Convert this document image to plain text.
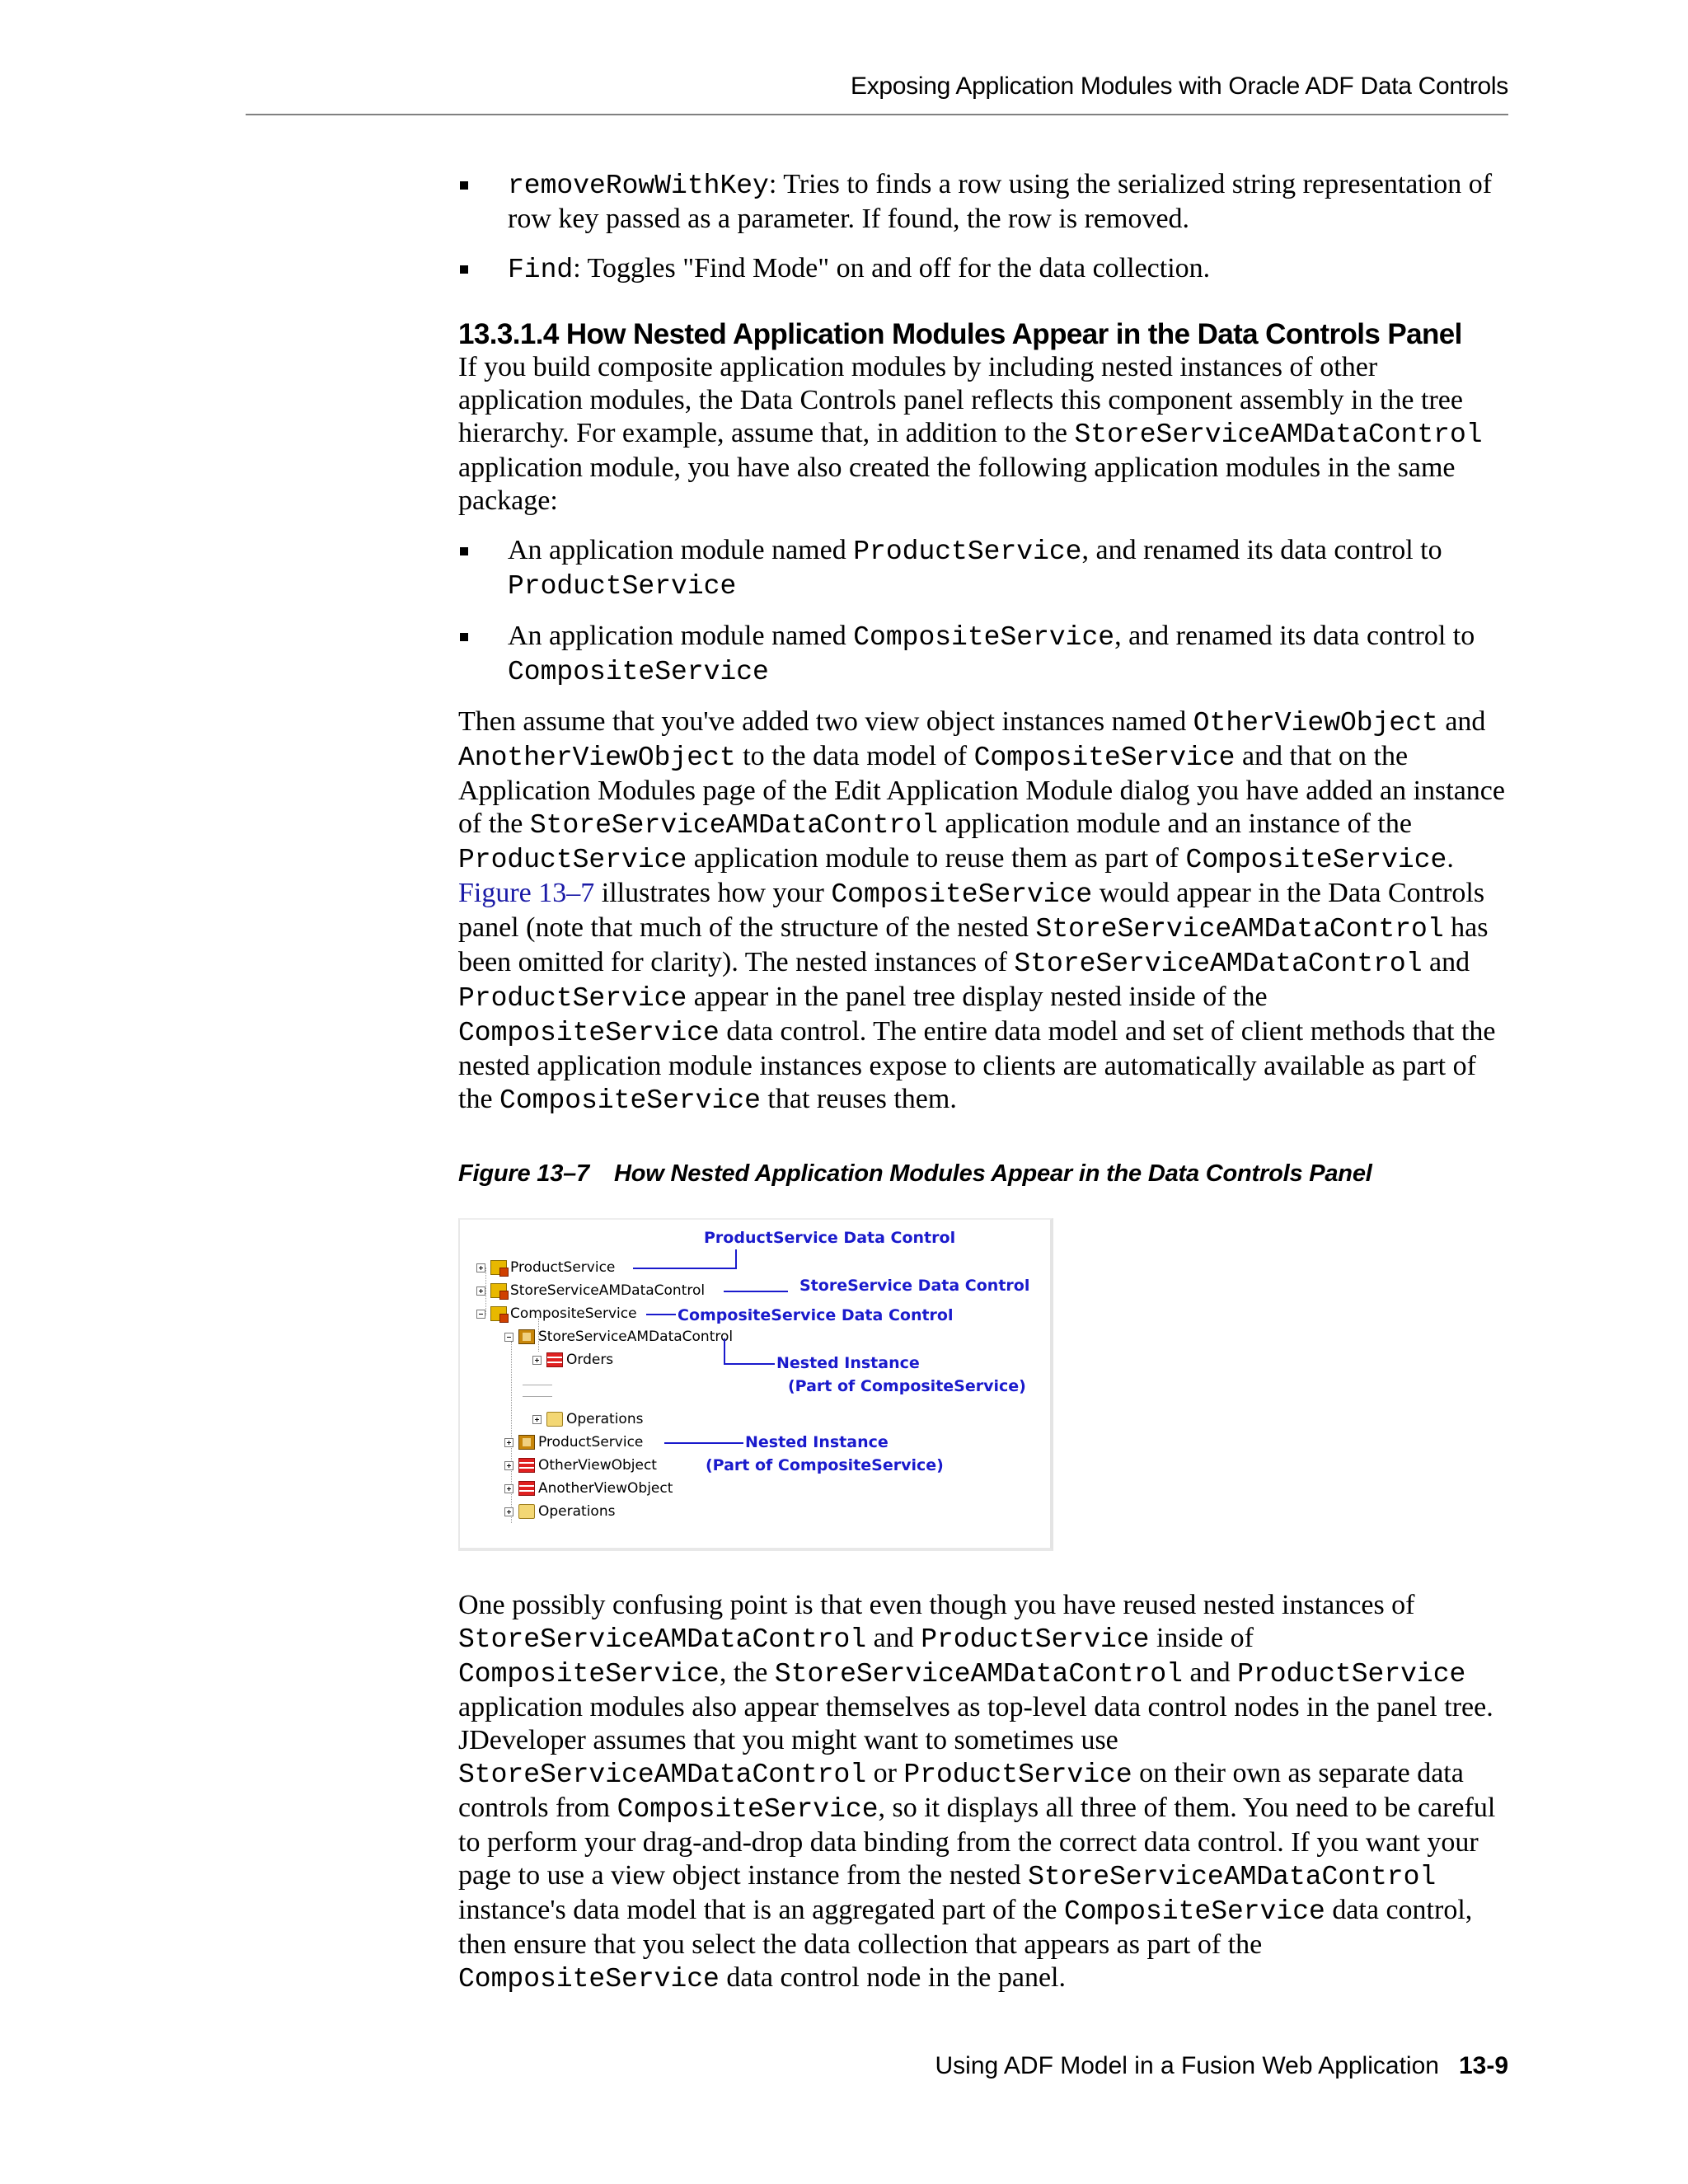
Exposing Application Modules with Oracle ADF Data Controls
removeRowWithKey: Tries to finds a row using the serialized string representation of row key passed as a parameter. If found, the row is removed.
Find: Toggles "Find Mode" on and off for the data collection.
13.3.1.4 How Nested Application Modules Appear in the Data Controls Panel

If you build composite application modules by including nested instances of other application modules, the Data Controls panel reflects this component assembly in the tree hierarchy. For example, assume that, in addition to the StoreServiceAMDataControl application module, you have also created the following application modules in the same package:

An application module named ProductService, and renamed its data control to ProductService
An application module named CompositeService, and renamed its data control to CompositeService

Then assume that you've added two view object instances named OtherViewObject and AnotherViewObject to the data model of CompositeService and that on the Application Modules page of the Edit Application Module dialog you have added an instance of the StoreServiceAMDataControl application module and an instance of the ProductService application module to reuse them as part of CompositeService. Figure 13–7 illustrates how your CompositeService would appear in the Data Controls panel (note that much of the structure of the nested StoreServiceAMDataControl has been omitted for clarity). The nested instances of StoreServiceAMDataControl and ProductService appear in the panel tree display nested inside of the CompositeService data control. The entire data model and set of client methods that the nested application module instances expose to clients are automatically available as part of the CompositeService that reuses them.

Figure 13–7 How Nested Application Modules Appear in the Data Controls Panel

ProductService
StoreServiceAMDataControl
CompositeService
StoreServiceAMDataControl
Orders
Operations
ProductService
OtherViewObject
AnotherViewObject
Operations
ProductService Data Control
StoreService Data Control
CompositeService Data Control
Nested Instance
(Part of CompositeService)
Nested Instance
(Part of CompositeService)

One possibly confusing point is that even though you have reused nested instances of StoreServiceAMDataControl and ProductService inside of CompositeService, the StoreServiceAMDataControl and ProductService application modules also appear themselves as top-level data control nodes in the panel tree. JDeveloper assumes that you might want to sometimes use StoreServiceAMDataControl or ProductService on their own as separate data controls from CompositeService, so it displays all three of them. You need to be careful to perform your drag-and-drop data binding from the correct data control. If you want your page to use a view object instance from the nested StoreServiceAMDataControl instance's data model that is an aggregated part of the CompositeService data control, then ensure that you select the data collection that appears as part of the CompositeService data control node in the panel.

Using ADF Model in a Fusion Web Application 13-9
